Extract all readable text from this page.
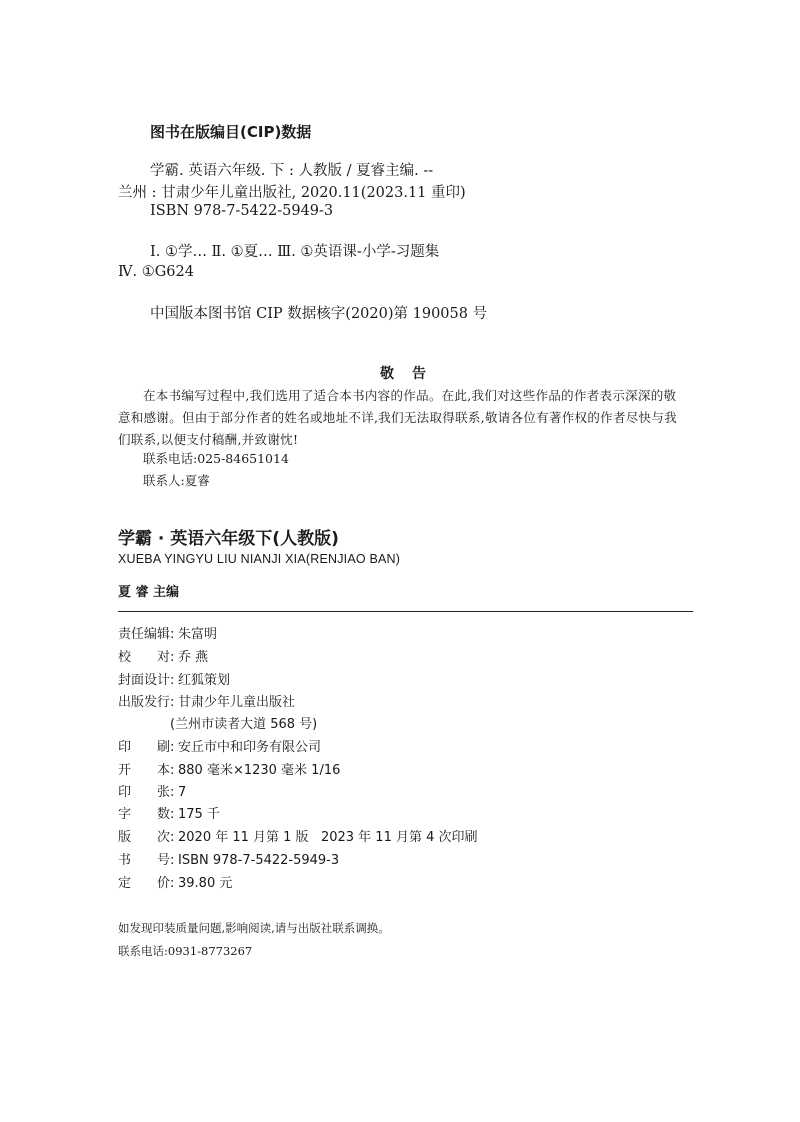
图书在版编目(CIP)数据
学霸. 英语六年级. 下 : 人教版 / 夏睿主编. --
兰州 : 甘肃少年儿童出版社, 2020.11(2023.11 重印)
ISBN 978-7-5422-5949-3
Ⅰ. ①学… Ⅱ. ①夏… Ⅲ. ①英语课-小学-习题集
Ⅳ. ①G624
中国版本图书馆 CIP 数据核字(2020)第 190058 号
敬告
在本书编写过程中,我们选用了适合本书内容的作品。在此,我们对这些作品的作者表示深深的敬意和感谢。但由于部分作者的姓名或地址不详,我们无法取得联系,敬请各位有著作权的作者尽快与我们联系,以便支付稿酬,并致谢忱!
联系电话:025-84651014
联系人:夏睿
学霸 · 英语六年级下(人教版)
XUEBA YINGYU LIU NIANJI XIA(RENJIAO BAN)
夏 睿 主编
责任编辑: 朱富明
校对: 乔 燕
封面设计: 红狐策划
出版发行: 甘肃少年儿童出版社
(兰州市读者大道 568 号)
印刷: 安丘市中和印务有限公司
开本: 880 毫米×1230 毫米 1/16
印张: 7
字数: 175 千
版次: 2020 年 11 月第 1 版   2023 年 11 月第 4 次印刷
书号: ISBN 978-7-5422-5949-3
定价: 39.80 元
如发现印装质量问题,影响阅读,请与出版社联系调换。
联系电话:0931-8773267
